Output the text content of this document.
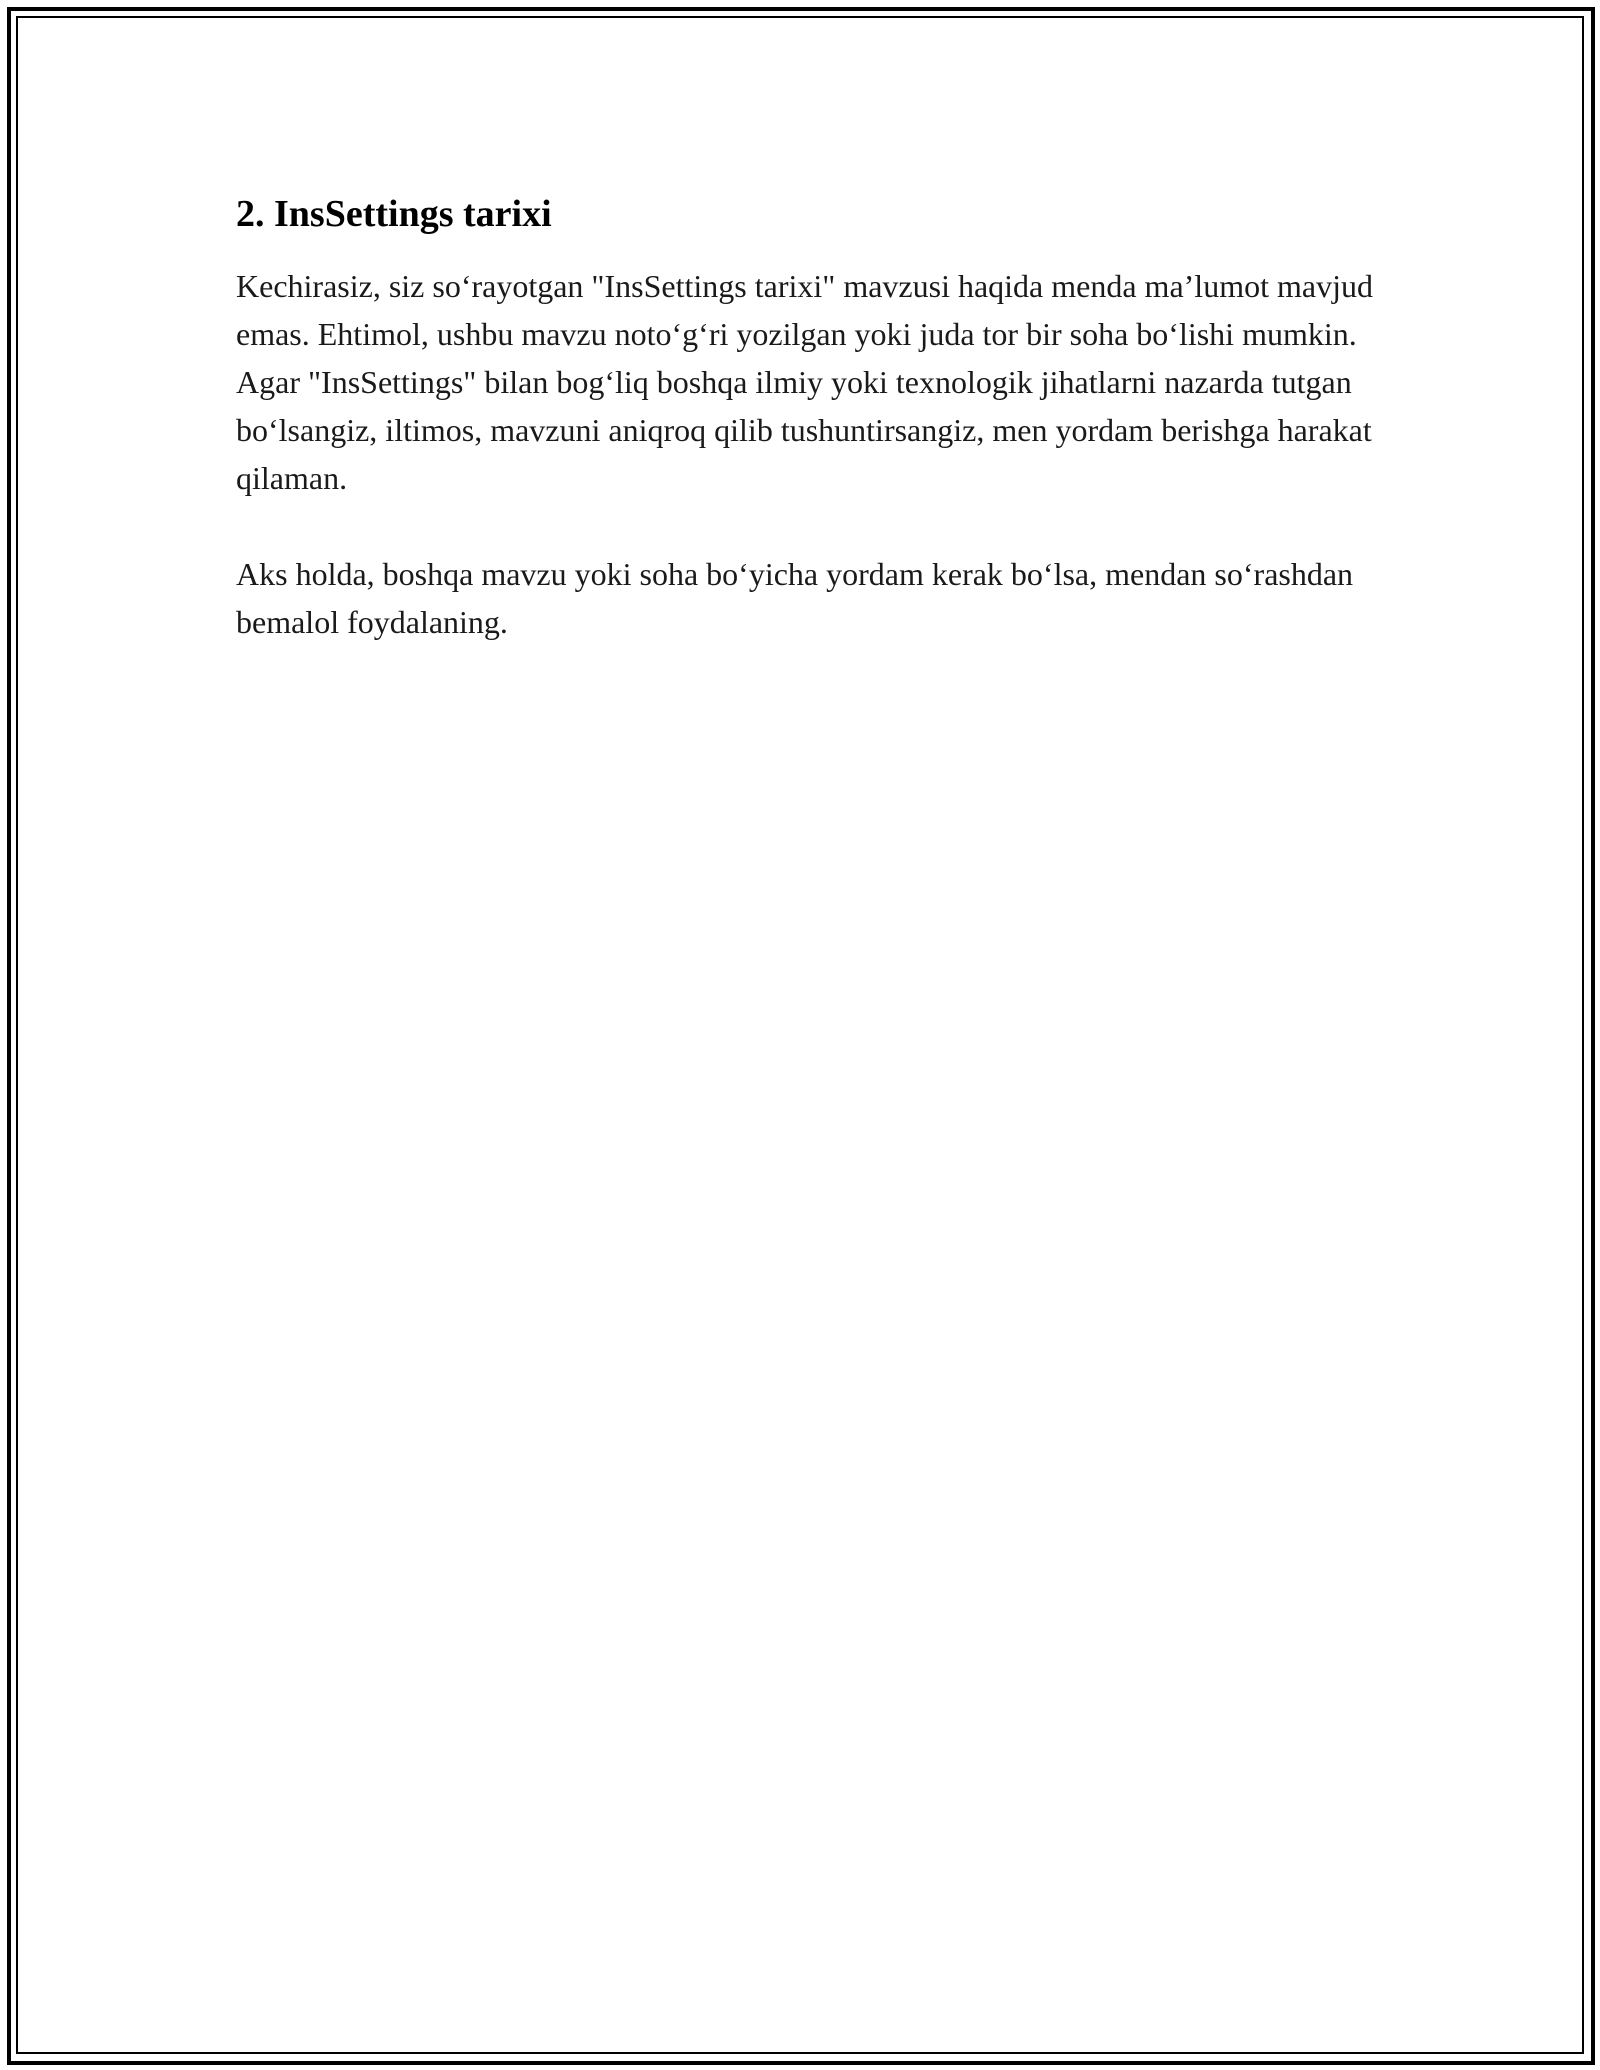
2. InsSettings tarixi

Kechirasiz, siz so‘rayotgan "InsSettings tarixi" mavzusi haqida menda ma’lumot mavjud emas. Ehtimol, ushbu mavzu noto‘g‘ri yozilgan yoki juda tor bir soha bo‘lishi mumkin. Agar "InsSettings" bilan bog‘liq boshqa ilmiy yoki texnologik jihatlarni nazarda tutgan bo‘lsangiz, iltimos, mavzuni aniqroq qilib tushuntirsangiz, men yordam berishga harakat qilaman.

Aks holda, boshqa mavzu yoki soha bo‘yicha yordam kerak bo‘lsa, mendan so‘rashdan bemalol foydalaning.
